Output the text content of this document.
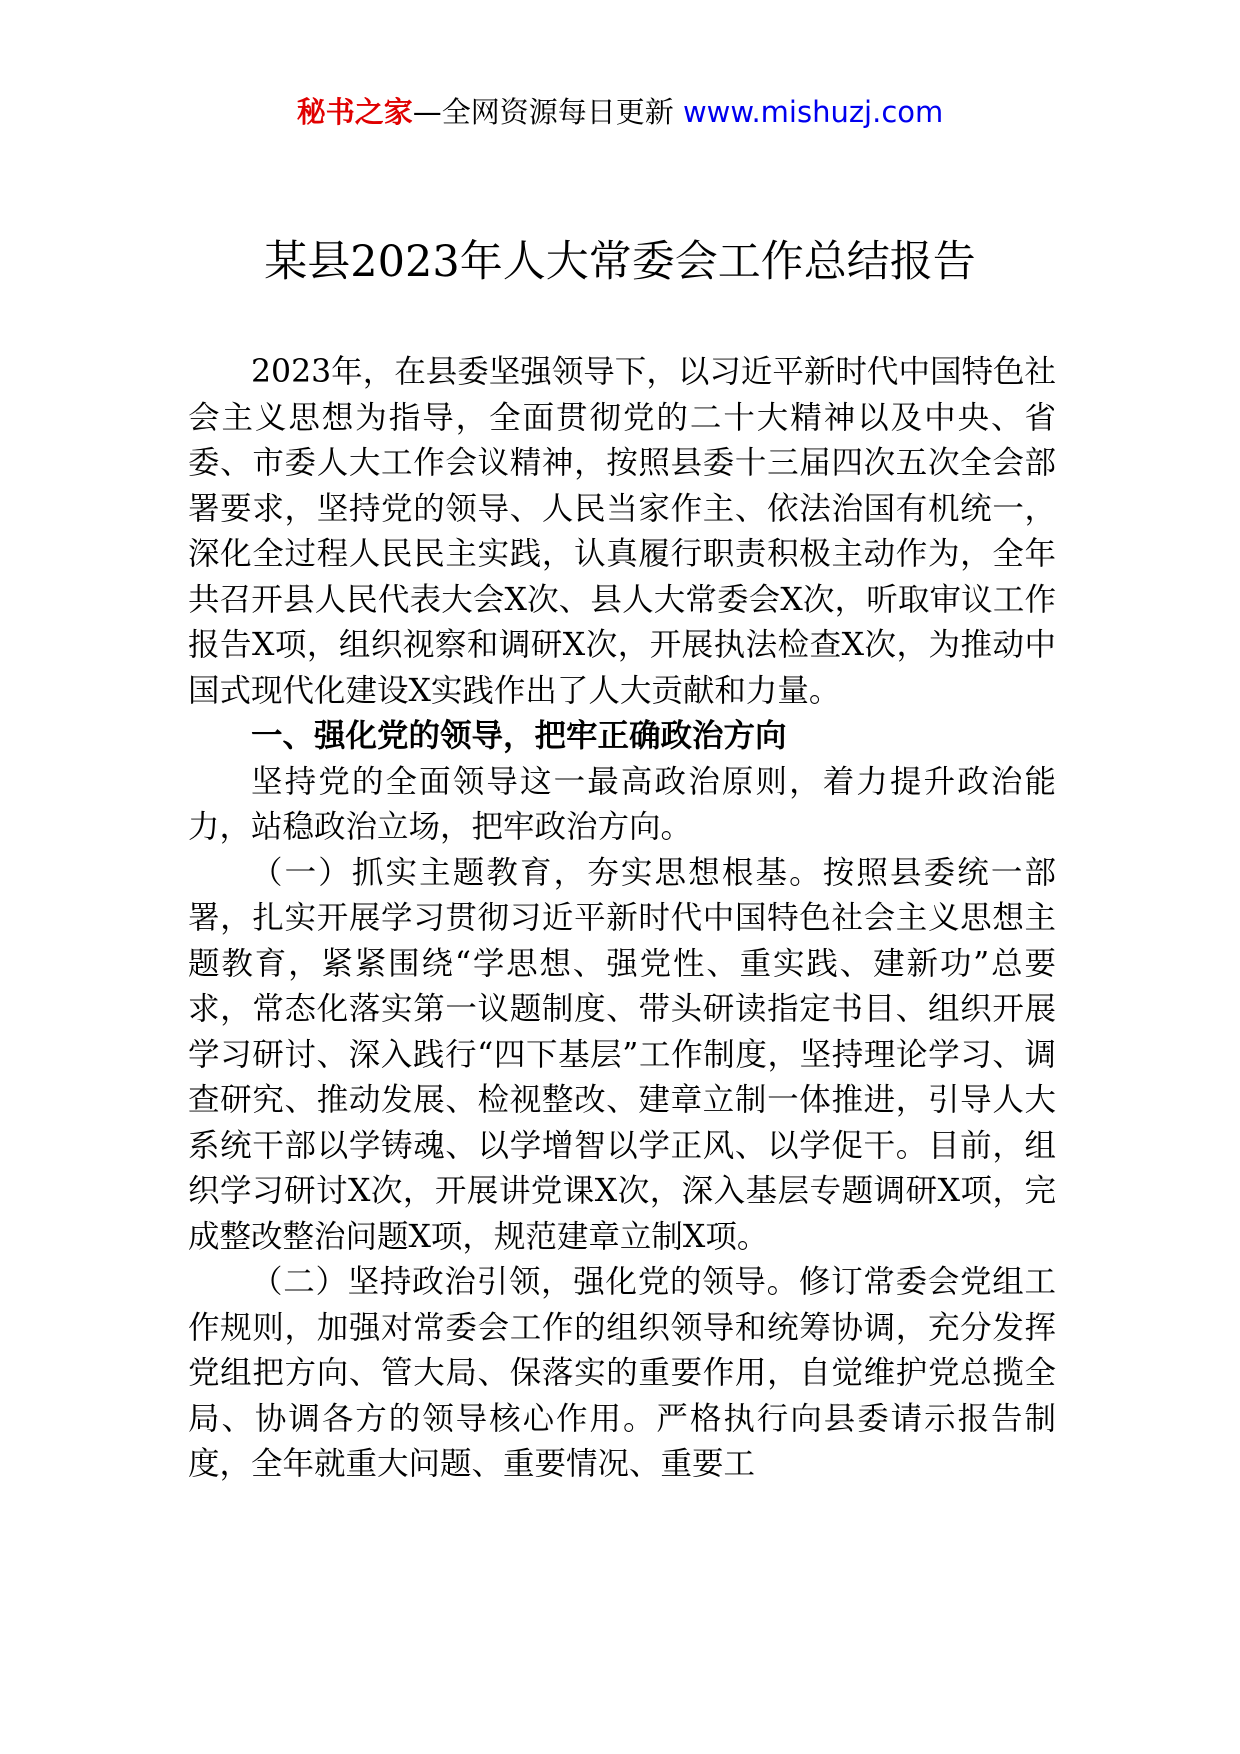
秘书之家—全网资源每日更新 www.mishuzj.com
某县2023年人大常委会工作总结报告

2023年，在县委坚强领导下，以习近平新时代中国特色社会主义思想为指导，全面贯彻党的二十大精神以及中央、省委、市委人大工作会议精神，按照县委十三届四次五次全会部署要求，坚持党的领导、人民当家作主、依法治国有机统一，深化全过程人民民主实践，认真履行职责积极主动作为，全年共召开县人民代表大会X次、县人大常委会X次，听取审议工作报告X项，组织视察和调研X次，开展执法检查X次，为推动中国式现代化建设X实践作出了人大贡献和力量。

一、强化党的领导，把牢正确政治方向

坚持党的全面领导这一最高政治原则，着力提升政治能力，站稳政治立场，把牢政治方向。

（一）抓实主题教育，夯实思想根基。按照县委统一部署，扎实开展学习贯彻习近平新时代中国特色社会主义思想主题教育，紧紧围绕“学思想、强党性、重实践、建新功”总要求，常态化落实第一议题制度、带头研读指定书目、组织开展学习研讨、深入践行“四下基层”工作制度，坚持理论学习、调查研究、推动发展、检视整改、建章立制一体推进，引导人大系统干部以学铸魂、以学增智以学正风、以学促干。目前，组织学习研讨X次，开展讲党课X次，深入基层专题调研X项，完成整改整治问题X项，规范建章立制X项。

（二）坚持政治引领，强化党的领导。修订常委会党组工作规则，加强对常委会工作的组织领导和统筹协调，充分发挥党组把方向、管大局、保落实的重要作用，自觉维护党总揽全局、协调各方的领导核心作用。严格执行向县委请示报告制度，全年就重大问题、重要情况、重要工
